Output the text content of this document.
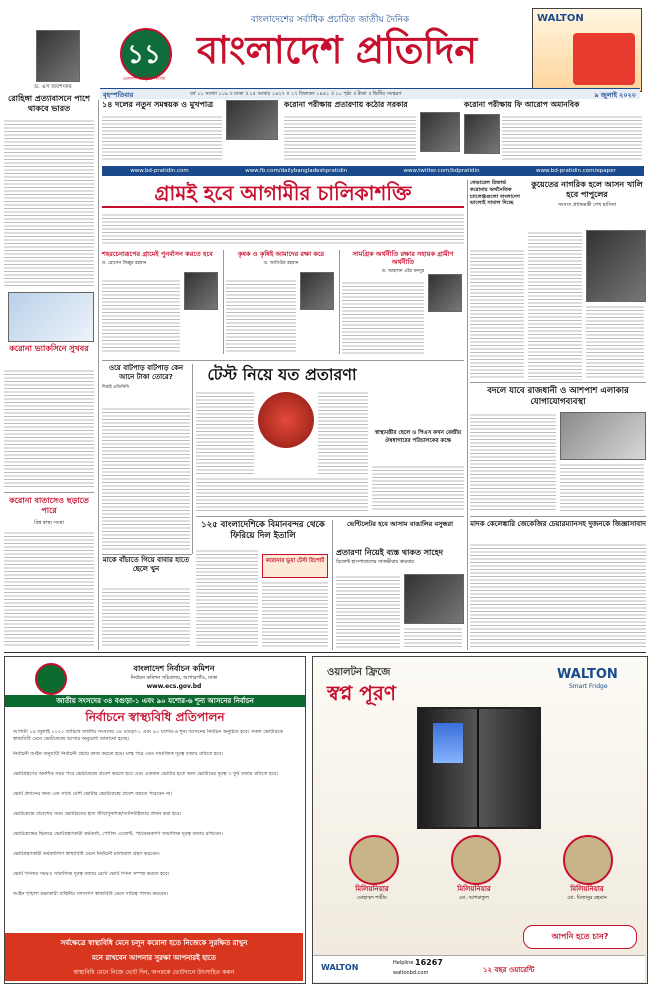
১১
একাদশ বর্ষপূর্তি সংখ্যা
বাংলাদেশের সর্বাধিক প্রচারিত জাতীয় দৈনিক
বাংলাদেশ প্রতিদিন
WALTON
বৃহস্পতিবার	বর্ষ ১১ সংখ্যা ১০৯ ॥ ঢাকা ॥ ২৫ আষাঢ় ১৪২৭ ॥ ১৭ জিলকদ ১৪৪১ ॥ ২০ পৃষ্ঠা ॥ টাকা ॥ দ্বিতীয় সংস্করণ	৯ জুলাই ২০২০
ড. এস জয়শংকর
রোহিঙ্গা প্রত্যাবাসনে পাশে থাকবে ভারত
করোনা ভ্যাকসিনে সুখবর
করোনা বাতাসেও ছড়াতে পারে
বিশ্ব স্বাস্থ্য সংস্থা
১৪ দলের নতুন সমন্বয়ক ও মুখপাত্র	করোনা পরীক্ষায় প্রতারণায় কঠোর সরকার	করোনা পরীক্ষায় ফি আরোপ অমানবিক
www.bd-pratidin.com	www.fb.com/dailybangladeshpratidin	www.twitter.com/bdpratidin	www.bd-pratidin.com/epaper
গ্রামই হবে আগামীর চালিকাশক্তি
শহরচেনারূপের গ্রামেই পুনর্বাসন করতে হবে
ড. হোসেন জিল্লুর রহমান
কৃষক ও কৃষিই আমাদের রক্ষা করে
ড. আতিউর রহমান
সামগ্রিক অর্থনীতি রক্ষার সহায়ক গ্রামীণ অর্থনীতি
ড. আহসান এইচ মনসুর
ফেডারেল রিজার্ভ করোনায় অর্থনৈতিক চ্যালেঞ্জগুলো বাংলাদেশ ভালোই সামাল দিচ্ছে
কুয়েতের নাগরিক হলে আসন খালি হবে পাপুলের
সংসদে প্রধানমন্ত্রী শেখ হাসিনা
বদলে যাবে রাজধানী ও আশপাশ এলাকার যোগাযোগব্যবস্থা
মাদক কেলেঙ্কারি জেকেজির চেয়ারম্যানসহ দুজনকে জিজ্ঞাসাবাদ
ওরে বাটপাড় বাটপাড় কেন আনে টাকা তোরে?
দিরাই প্রতিনিধি
টেস্ট নিয়ে যত প্রতারণা
স্বাস্থ্যমন্ত্রীর ছেলে ও পিএস কখন কেন্দ্রীয় ঔষধাগারের পরিচালকের কক্ষে
মাকে বাঁচাতে গিয়ে বাবার হাতে ছেলে খুন
১২৫ বাংলাদেশিকে বিমানবন্দর থেকে ফিরিয়ে দিল ইতালি
করোনার ভুয়া টেস্ট রিপোর্ট
ভেন্টিলেটর হবে আসাম বাঙালির বসুন্ধরা
প্রতারণা নিয়েই ব্যস্ত থাকত সাহেদ
রিজেন্ট হাসপাতালের সাতক্ষীরায় কারবার
বাংলাদেশ নির্বাচন কমিশন
নির্বাচন কমিশন সচিবালয়, আগারগাঁও, ঢাকা
www.ecs.gov.bd
জাতীয় সংসদের ৩৪ বগুড়া-১ এবং ৯০ যশোর-৬ শূন্য আসনের নির্বাচন
নির্বাচনে স্বাস্থ্যবিধি প্রতিপালন
আগামী ১৪ জুলাই ২০২০ তারিখে জাতীয় সংসদের ৩৪ বগুড়া-১ এবং ৯০ যশোর-৬ শূন্য আসনের নির্বাচন অনুষ্ঠিত হবে। সকল ভোটারকে স্বাস্থ্যবিধি মেনে ভোটকেন্দ্রে আসার অনুরোধ জানানো হচ্ছে।
নির্বাচনী আইন অনুযায়ী নির্বাচনী প্রচার কাজ করতে হবে। মাস্ক পরে এবং সামাজিক দূরত্ব বজায় রাখতে হবে।
ভোটগ্রহণের অনধিক সময় পরে ভোটকেন্দ্রে প্রবেশ করতে হবে এবং একজন ভোটার হতে অন্য ভোটারের দূরত্ব ৩ ফুট বজায় রাখতে হবে।
ভোট প্রদানের জন্য এক সাথে বেশি ভোটার ভোটকেন্দ্রে প্রবেশ করতে পারবেন না।
ভোটকেন্দ্রে প্রবেশের সময় ভোটারদের হাত জীবাণুনাশক/স্যানিটাইজার প্রদান করা হবে।
ভোটকেন্দ্রের ভিতরে ভোটগ্রহণকারী কর্মকর্তা, পোলিং এজেন্ট, পর্যবেক্ষকগণ সামাজিক দূরত্ব বজায় রাখবেন।
ভোটগ্রহণকারী কর্মকর্তাগণ স্বাস্থ্যবিধি মেনে নির্বাচনী মালামাল গ্রহণ করবেন।
ভোট গণনার সময়ও সামাজিক দূরত্ব বজায় রেখে ভোট গণনা সম্পন্ন করতে হবে।
আইন শৃঙ্খলা রক্ষাকারী বাহিনীর সদস্যগণ স্বাস্থ্যবিধি মেনে দায়িত্ব পালন করবেন।
সর্বক্ষেত্রে স্বাস্থ্যবিধি মেনে চলুন করোনা হতে নিজেকে সুরক্ষিত রাখুন
মনে রাখবেন আপনার সুরক্ষা আপনারই হাতে
স্বাস্থ্যবিধি মেনে নিজে ভোট দিন, অপরকে ভোটদানে উৎসাহিত করুন
ওয়ালটন ফ্রিজে
স্বপ্ন পূরণ
WALTON
Smart Fridge
মিলিয়নিয়ার
মোহাম্মদ শামীম
মিলিয়নিয়ার
মো. আশরাফুল
মিলিয়নিয়ার
মো. মিজানুর রহমান
আপনি হতে চান?
WALTON	Helpline 16267
waltonbd.com	১২ বছর ওয়ারেন্টি
